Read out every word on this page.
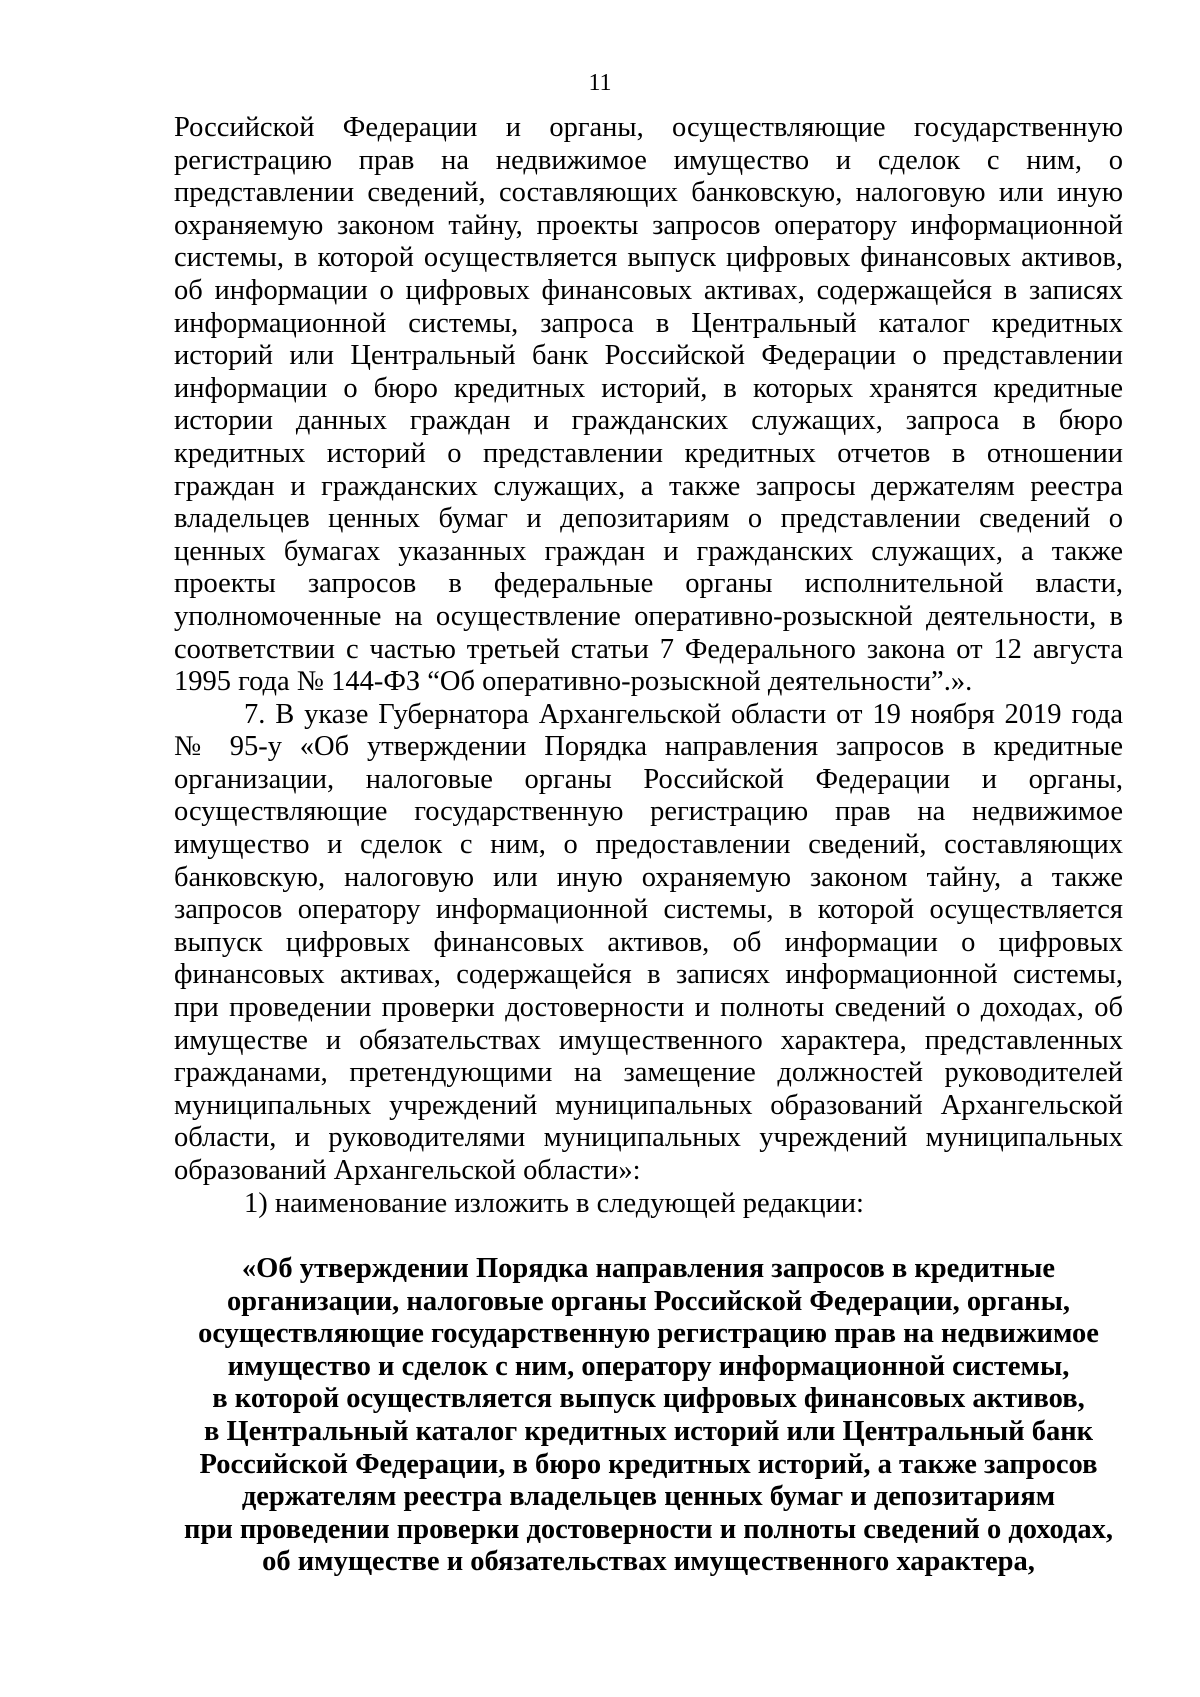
11

Российской Федерации и органы, осуществляющие государственную регистрацию прав на недвижимое имущество и сделок с ним, о представлении сведений, составляющих банковскую, налоговую или иную охраняемую законом тайну, проекты запросов оператору информационной системы, в которой осуществляется выпуск цифровых финансовых активов, об информации о цифровых финансовых активах, содержащейся в записях информационной системы, запроса в Центральный каталог кредитных историй или Центральный банк Российской Федерации о представлении информации о бюро кредитных историй, в которых хранятся кредитные истории данных граждан и гражданских служащих, запроса в бюро кредитных историй о представлении кредитных отчетов в отношении граждан и гражданских служащих, а также запросы держателям реестра владельцев ценных бумаг и депозитариям о представлении сведений о ценных бумагах указанных граждан и гражданских служащих, а также проекты запросов в федеральные органы исполнительной власти, уполномоченные на осуществление оперативно-розыскной деятельности, в соответствии с частью третьей статьи 7 Федерального закона от 12 августа 1995 года № 144-ФЗ “Об оперативно-розыскной деятельности”.».

7. В указе Губернатора Архангельской области от 19 ноября 2019 года № 95-у «Об утверждении Порядка направления запросов в кредитные организации, налоговые органы Российской Федерации и органы, осуществляющие государственную регистрацию прав на недвижимое имущество и сделок с ним, о предоставлении сведений, составляющих банковскую, налоговую или иную охраняемую законом тайну, а также запросов оператору информационной системы, в которой осуществляется выпуск цифровых финансовых активов, об информации о цифровых финансовых активах, содержащейся в записях информационной системы, при проведении проверки достоверности и полноты сведений о доходах, об имуществе и обязательствах имущественного характера, представленных гражданами, претендующими на замещение должностей руководителей муниципальных учреждений муниципальных образований Архангельской области, и руководителями муниципальных учреждений муниципальных образований Архангельской области»:

1) наименование изложить в следующей редакции:

«Об утверждении Порядка направления запросов в кредитные
организации, налоговые органы Российской Федерации, органы,
осуществляющие государственную регистрацию прав на недвижимое
имущество и сделок с ним, оператору информационной системы,
в которой осуществляется выпуск цифровых финансовых активов,
в Центральный каталог кредитных историй или Центральный банк
Российской Федерации, в бюро кредитных историй, а также запросов
держателям реестра владельцев ценных бумаг и депозитариям
при проведении проверки достоверности и полноты сведений о доходах,
об имуществе и обязательствах имущественного характера,
